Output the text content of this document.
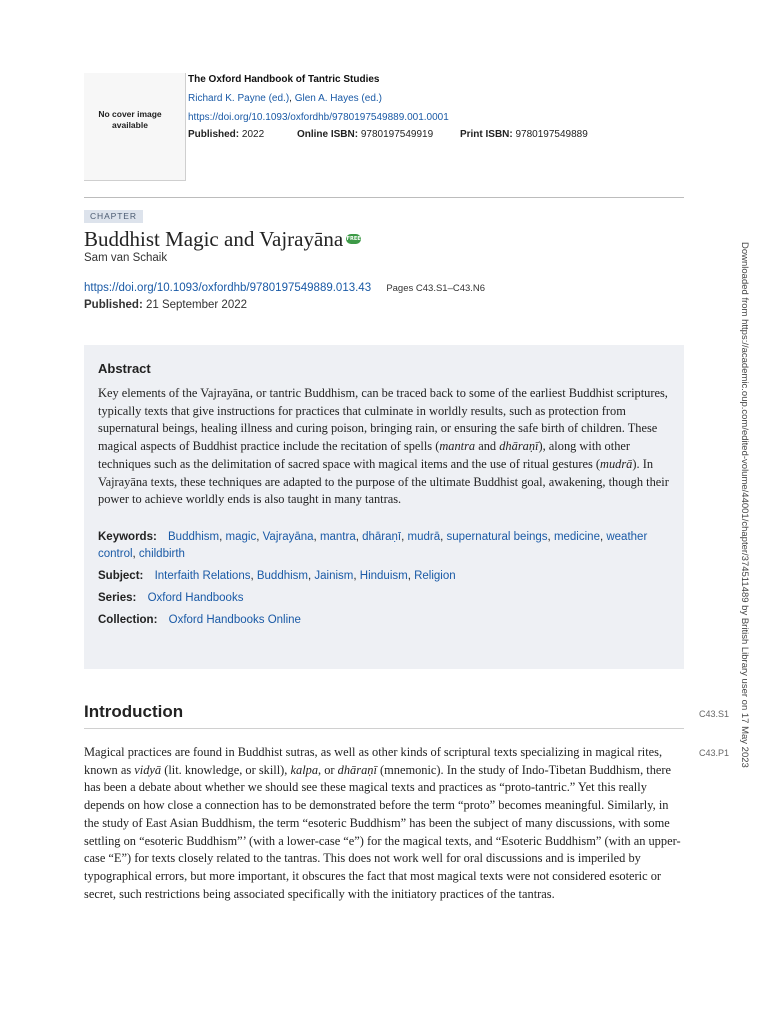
No cover image available
The Oxford Handbook of Tantric Studies
Richard K. Payne (ed.), Glen A. Hayes (ed.)
https://doi.org/10.1093/oxfordhb/9780197549889.001.0001
Published: 2022	Online ISBN: 9780197549919	Print ISBN: 9780197549889
CHAPTER
Buddhist Magic and Vajrayāna FREE
Sam van Schaik
https://doi.org/10.1093/oxfordhb/9780197549889.013.43 Pages C43.S1–C43.N6
Published: 21 September 2022
Abstract
Key elements of the Vajrayāna, or tantric Buddhism, can be traced back to some of the earliest Buddhist scriptures, typically texts that give instructions for practices that culminate in worldly results, such as protection from supernatural beings, healing illness and curing poison, bringing rain, or ensuring the safe birth of children. These magical aspects of Buddhist practice include the recitation of spells (mantra and dhāraṇī), along with other techniques such as the delimitation of sacred space with magical items and the use of ritual gestures (mudrā). In Vajrayāna texts, these techniques are adapted to the purpose of the ultimate Buddhist goal, awakening, though their power to achieve worldly ends is also taught in many tantras.
Keywords: Buddhism, magic, Vajrayāna, mantra, dhāraṇī, mudrā, supernatural beings, medicine, weather control, childbirth
Subject: Interfaith Relations, Buddhism, Jainism, Hinduism, Religion
Series: Oxford Handbooks
Collection: Oxford Handbooks Online
Introduction	C43.S1
C43.P1

Magical practices are found in Buddhist sutras, as well as other kinds of scriptural texts specializing in magical rites, known as vidyā (lit. knowledge, or skill), kalpa, or dhāraṇī (mnemonic). In the study of Indo-Tibetan Buddhism, there has been a debate about whether we should see these magical texts and practices as “proto-tantric.” Yet this really depends on how close a connection has to be demonstrated before the term “proto” becomes meaningful. Similarly, in the study of East Asian Buddhism, the term “esoteric Buddhism” has been the subject of many discussions, with some settling on “esoteric Buddhism”’ (with a lower-case “e”) for the magical texts, and “Esoteric Buddhism” (with an upper-case “E”) for texts closely related to the tantras. This does not work well for oral discussions and is imperiled by typographical errors, but more important, it obscures the fact that most magical texts were not considered esoteric or secret, such restrictions being associated specifically with the initiatory practices of the tantras.

Downloaded from https://academic.oup.com/edited-volume/44001/chapter/374511489 by British Library user on 17 May 2023
